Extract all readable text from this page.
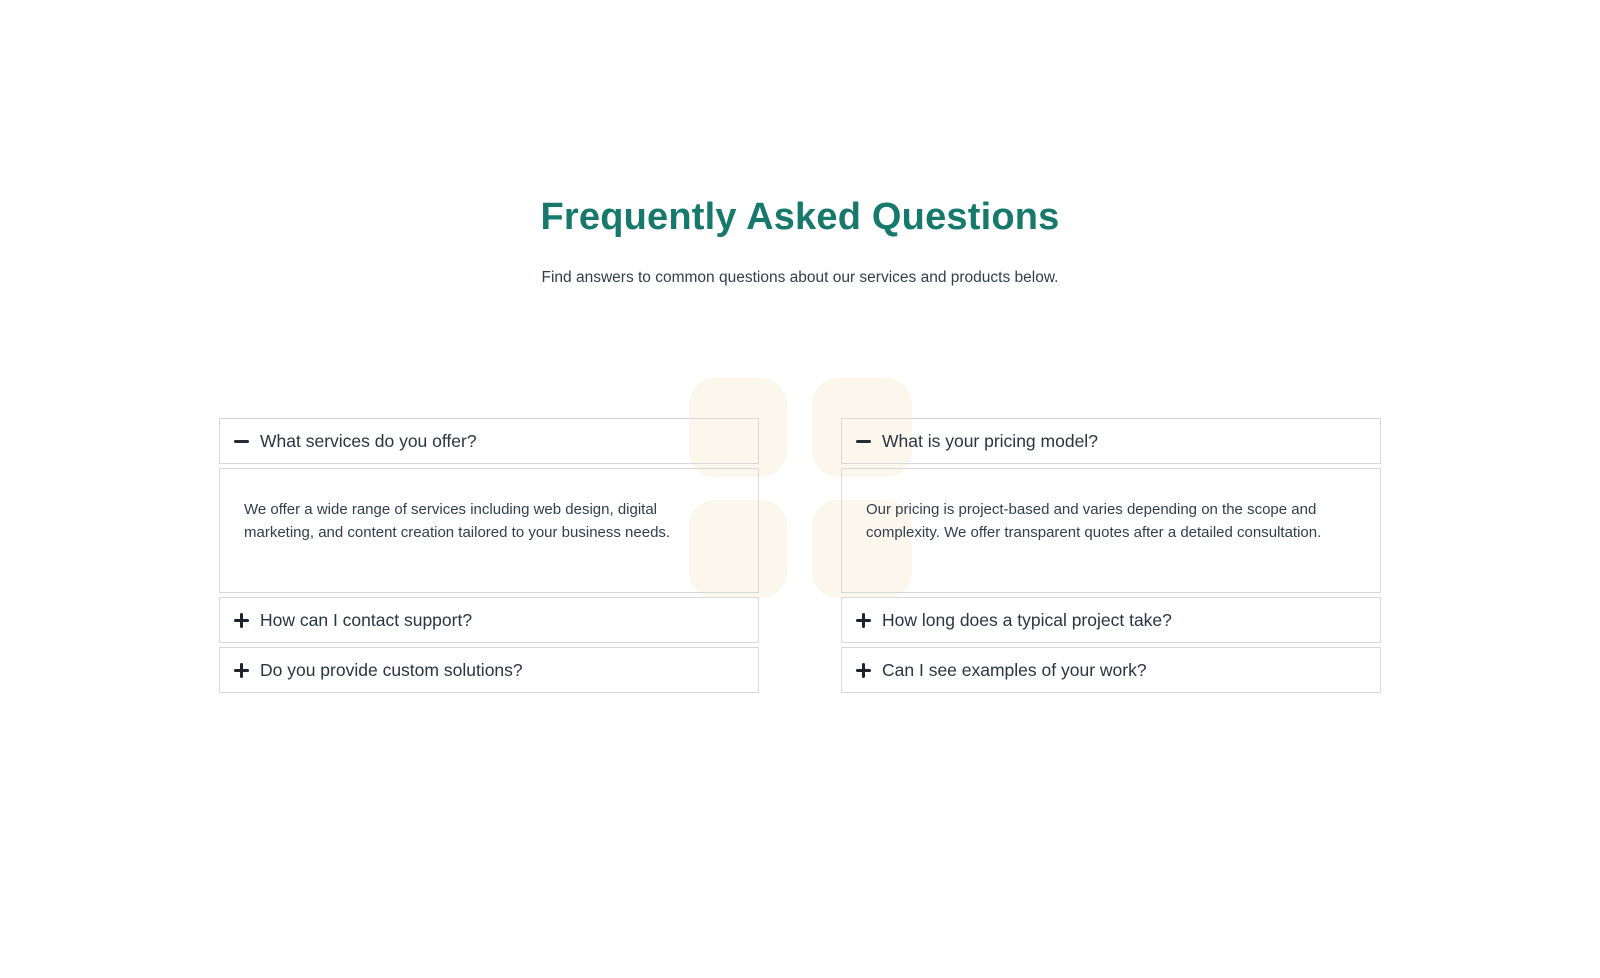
Frequently Asked Questions
Find answers to common questions about our services and products below.
What services do you offer?

We offer a wide range of services including web design, digital marketing, and content creation tailored to your business needs.

How can I contact support?
Do you provide custom solutions?
What is your pricing model?

Our pricing is project-based and varies depending on the scope and complexity. We offer transparent quotes after a detailed consultation.

How long does a typical project take?
Can I see examples of your work?
